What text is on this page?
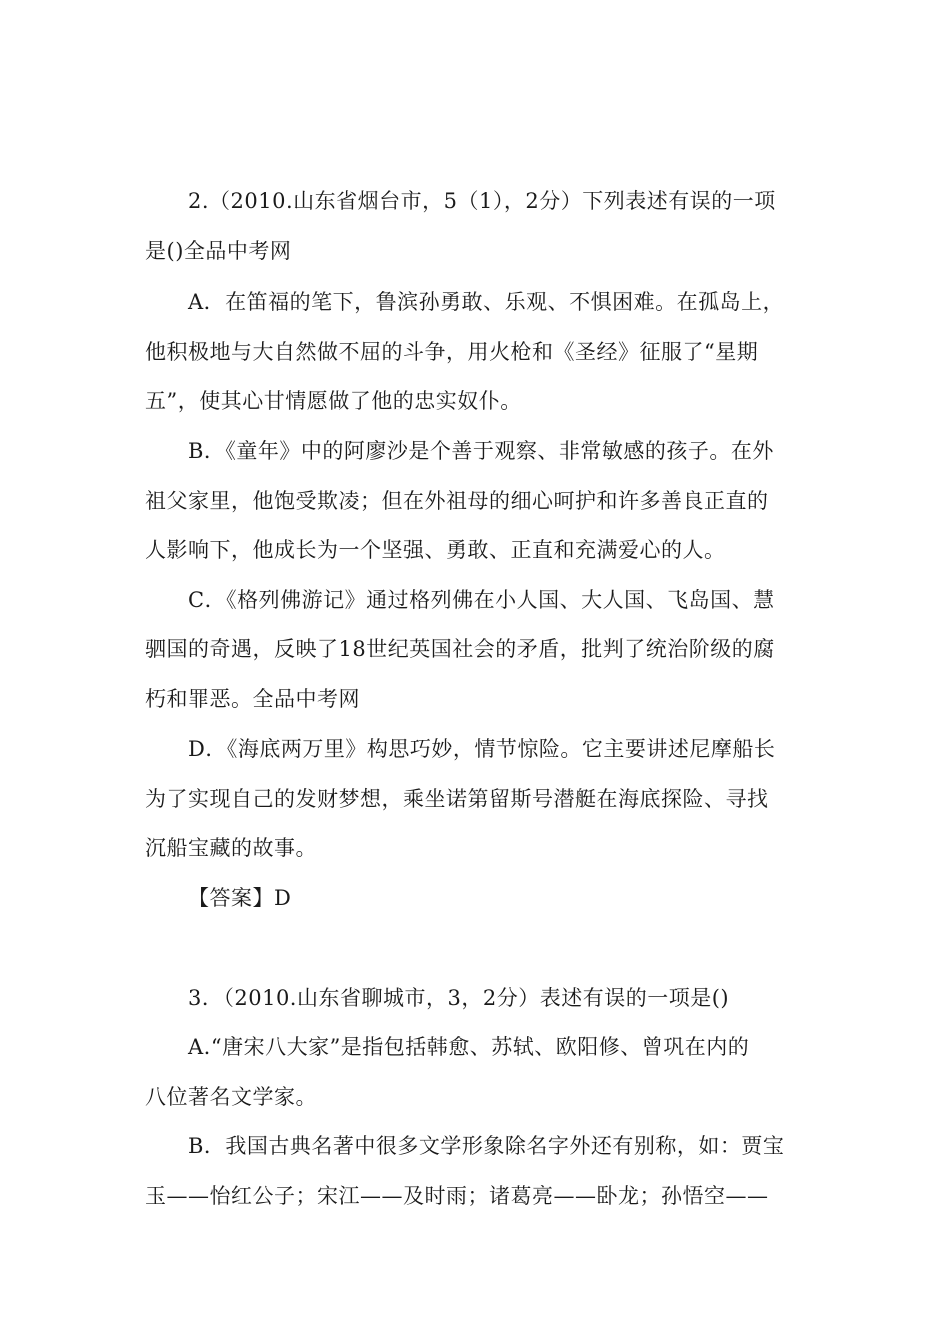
2.（2010.山东省烟台市，5（1），2分）下列表述有误的一项
是()全品中考网
A．在笛福的笔下，鲁滨孙勇敢、乐观、不惧困难。在孤岛上，
他积极地与大自然做不屈的斗争，用火枪和《圣经》征服了“星期
五”，使其心甘情愿做了他的忠实奴仆。
B．《童年》中的阿廖沙是个善于观察、非常敏感的孩子。在外
祖父家里，他饱受欺凌；但在外祖母的细心呵护和许多善良正直的
人影响下，他成长为一个坚强、勇敢、正直和充满爱心的人。
C．《格列佛游记》通过格列佛在小人国、大人国、飞岛国、慧
驷国的奇遇，反映了18世纪英国社会的矛盾，批判了统治阶级的腐
朽和罪恶。全品中考网
D．《海底两万里》构思巧妙，情节惊险。它主要讲述尼摩船长
为了实现自己的发财梦想，乘坐诺第留斯号潜艇在海底探险、寻找
沉船宝藏的故事。
【答案】D
3．（2010.山东省聊城市，3，2分）表述有误的一项是()
A.“唐宋八大家”是指包括韩愈、苏轼、欧阳修、曾巩在内的
八位著名文学家。
B．我国古典名著中很多文学形象除名字外还有别称，如：贾宝
玉——怡红公子；宋江——及时雨；诸葛亮——卧龙；孙悟空——
